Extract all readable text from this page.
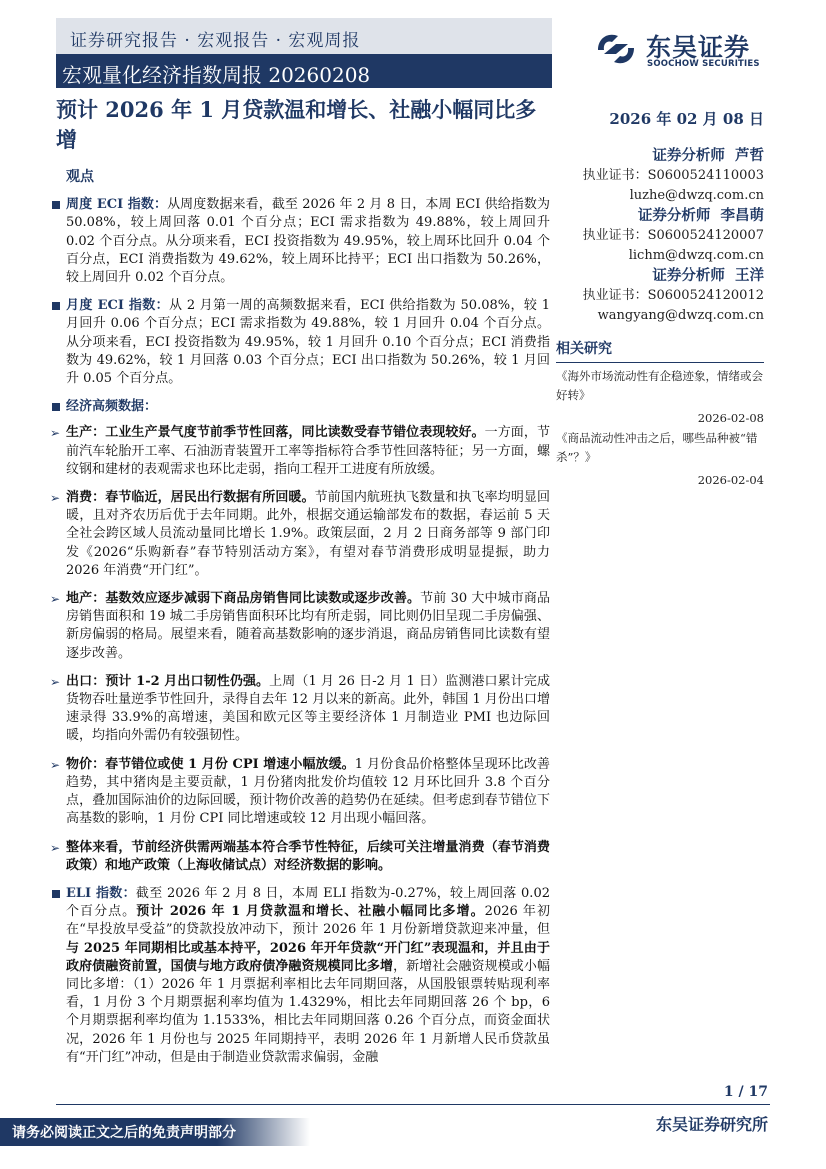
证券研究报告 · 宏观报告 · 宏观周报
宏观量化经济指数周报 20260208
东吴证券
SOOCHOW SECURITIES
预计 2026 年 1 月贷款温和增长、社融小幅同比多增
2026 年 02 月 08 日
证券分析师 芦哲
执业证书：S0600524110003
luzhe@dwzq.com.cn
证券分析师 李昌萌
执业证书：S0600524120007
lichm@dwzq.com.cn
证券分析师 王洋
执业证书：S0600524120012
wangyang@dwzq.com.cn
相关研究
《海外市场流动性有企稳迹象，情绪或会好转》
2026-02-08
《商品流动性冲击之后，哪些品种被“错杀”？》
2026-02-04
观点
周度 ECI 指数：从周度数据来看，截至 2026 年 2 月 8 日，本周 ECI 供给指数为 50.08%，较上周回落 0.01 个百分点；ECI 需求指数为 49.88%，较上周回升 0.02 个百分点。从分项来看，ECI 投资指数为 49.95%，较上周环比回升 0.04 个百分点，ECI 消费指数为 49.62%，较上周环比持平；ECI 出口指数为 50.26%，较上周回升 0.02 个百分点。
月度 ECI 指数：从 2 月第一周的高频数据来看，ECI 供给指数为 50.08%，较 1 月回升 0.06 个百分点；ECI 需求指数为 49.88%，较 1 月回升 0.04 个百分点。从分项来看，ECI 投资指数为 49.95%，较 1 月回升 0.10 个百分点；ECI 消费指数为 49.62%，较 1 月回落 0.03 个百分点；ECI 出口指数为 50.26%，较 1 月回升 0.05 个百分点。
经济高频数据：
➢ 生产：工业生产景气度节前季节性回落，同比读数受春节错位表现较好。一方面，节前汽车轮胎开工率、石油沥青装置开工率等指标符合季节性回落特征；另一方面，螺纹钢和建材的表观需求也环比走弱，指向工程开工进度有所放缓。
➢ 消费：春节临近，居民出行数据有所回暖。节前国内航班执飞数量和执飞率均明显回暖，且对齐农历后优于去年同期。此外，根据交通运输部发布的数据，春运前 5 天全社会跨区域人员流动量同比增长 1.9%。政策层面，2 月 2 日商务部等 9 部门印发《2026“乐购新春”春节特别活动方案》，有望对春节消费形成明显提振，助力 2026 年消费“开门红”。
➢ 地产：基数效应逐步减弱下商品房销售同比读数或逐步改善。节前 30 大中城市商品房销售面积和 19 城二手房销售面积环比均有所走弱，同比则仍旧呈现二手房偏强、新房偏弱的格局。展望来看，随着高基数影响的逐步消退，商品房销售同比读数有望逐步改善。
➢ 出口：预计 1-2 月出口韧性仍强。上周（1 月 26 日-2 月 1 日）监测港口累计完成货物吞吐量逆季节性回升，录得自去年 12 月以来的新高。此外，韩国 1 月份出口增速录得 33.9%的高增速，美国和欧元区等主要经济体 1 月制造业 PMI 也边际回暖，均指向外需仍有较强韧性。
➢ 物价：春节错位或使 1 月份 CPI 增速小幅放缓。1 月份食品价格整体呈现环比改善趋势，其中猪肉是主要贡献，1 月份猪肉批发价均值较 12 月环比回升 3.8 个百分点，叠加国际油价的边际回暖，预计物价改善的趋势仍在延续。但考虑到春节错位下高基数的影响，1 月份 CPI 同比增速或较 12 月出现小幅回落。
➢ 整体来看，节前经济供需两端基本符合季节性特征，后续可关注增量消费（春节消费政策）和地产政策（上海收储试点）对经济数据的影响。
ELI 指数：截至 2026 年 2 月 8 日，本周 ELI 指数为-0.27%，较上周回落 0.02 个百分点。预计 2026 年 1 月贷款温和增长、社融小幅同比多增。2026 年初在“早投放早受益”的贷款投放冲动下，预计 2026 年 1 月份新增贷款迎来冲量，但与 2025 年同期相比或基本持平，2026 年开年贷款“开门红”表现温和，并且由于政府债融资前置，国债与地方政府债净融资规模同比多增，新增社会融资规模或小幅同比多增：（1）2026 年 1 月票据利率相比去年同期回落，从国股银票转贴现利率看，1 月份 3 个月期票据利率均值为 1.4329%，相比去年同期回落 26 个 bp，6 个月期票据利率均值为 1.1533%，相比去年同期回落 0.26 个百分点，而资金面状况，2026 年 1 月份也与 2025 年同期持平，表明 2026 年 1 月新增人民币贷款虽有“开门红”冲动，但是由于制造业贷款需求偏弱，金融
1 / 17
请务必阅读正文之后的免责声明部分	东吴证券研究所
